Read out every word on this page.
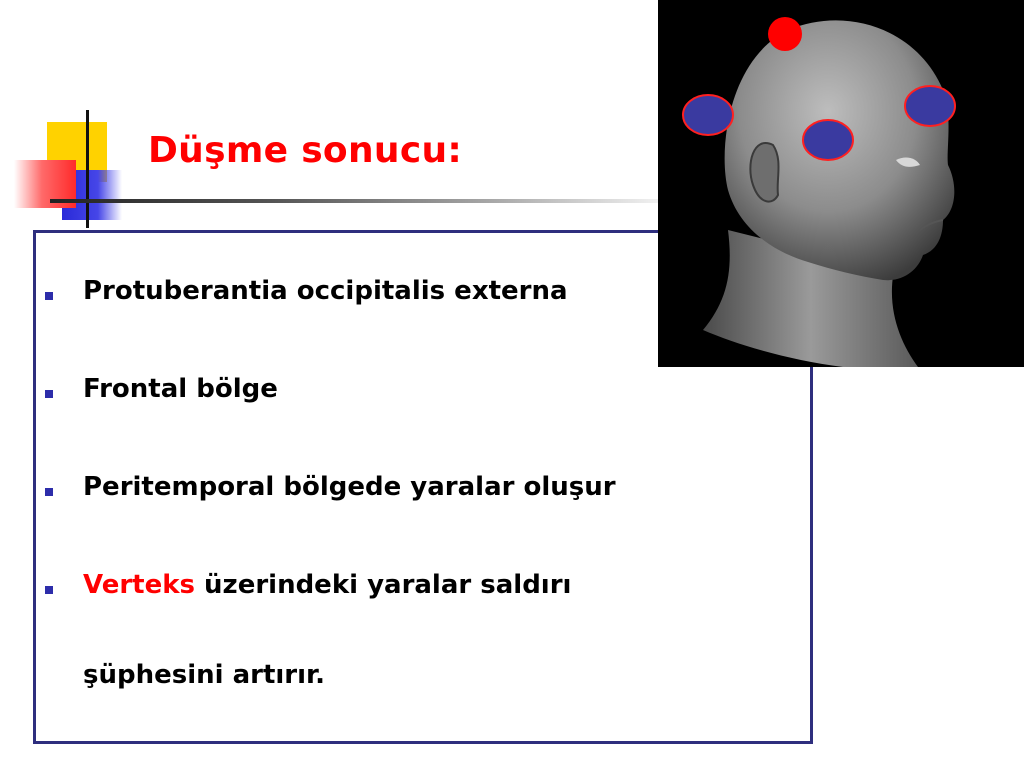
Düşme sonucu:
Protuberantia occipitalis externa
Frontal bölge
Peritemporal bölgede yaralar oluşur
Verteks üzerindeki yaralar saldırı
şüphesini artırır.
